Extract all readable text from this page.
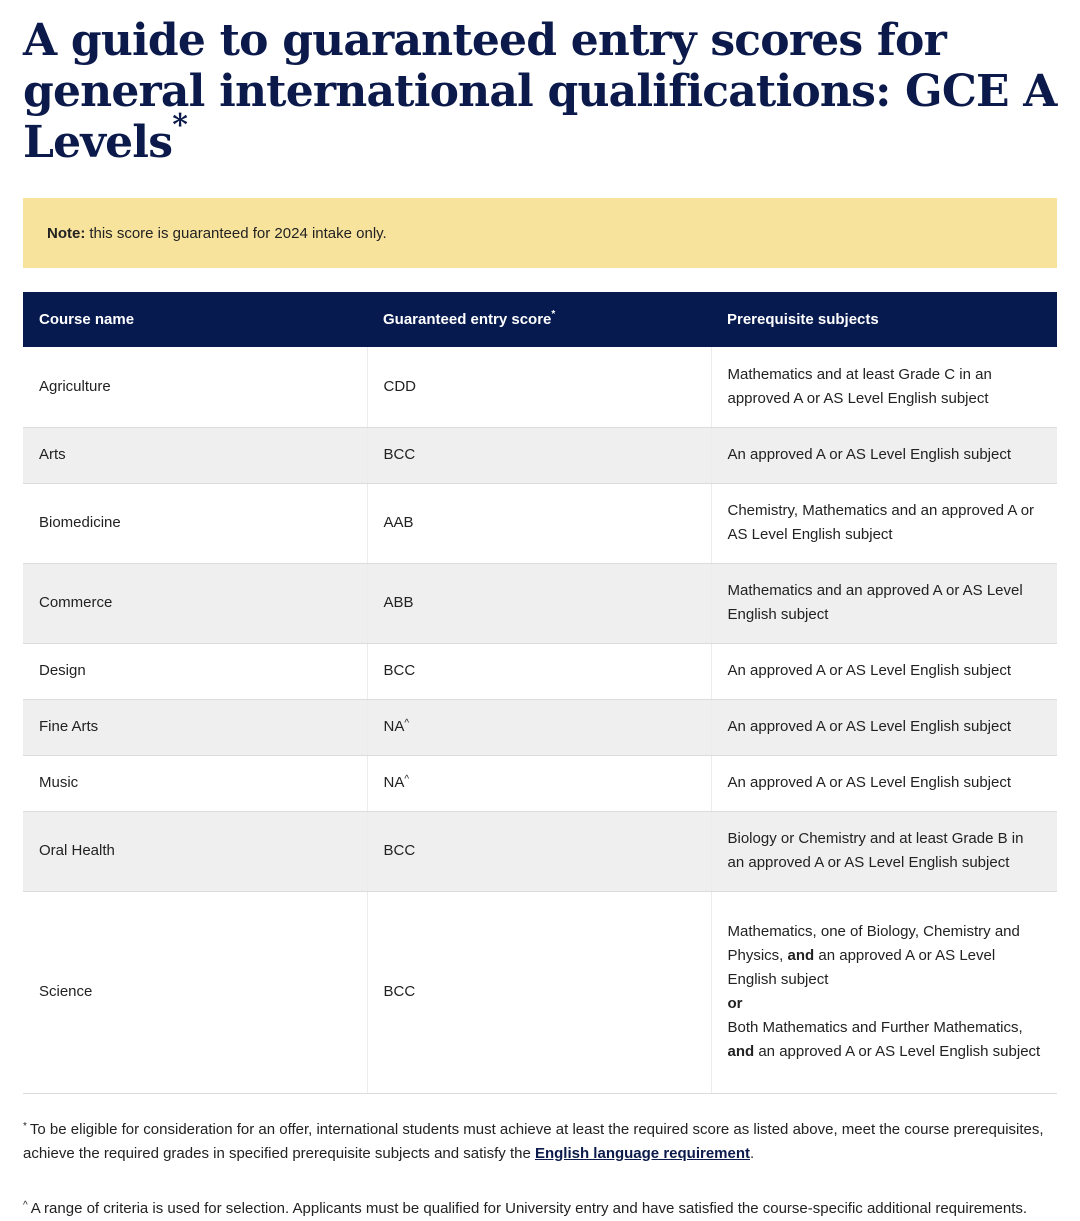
A guide to guaranteed entry scores for general international qualifications: GCE A Levels*
Note: this score is guaranteed for 2024 intake only.
Course name	Guaranteed entry score*	Prerequisite subjects
Agriculture	CDD	Mathematics and at least Grade C in an approved A or AS Level English subject
Arts	BCC	An approved A or AS Level English subject
Biomedicine	AAB	Chemistry, Mathematics and an approved A or AS Level English subject
Commerce	ABB	Mathematics and an approved A or AS Level English subject
Design	BCC	An approved A or AS Level English subject
Fine Arts	NA^	An approved A or AS Level English subject
Music	NA^	An approved A or AS Level English subject
Oral Health	BCC	Biology or Chemistry and at least Grade B in an approved A or AS Level English subject
Science	BCC	Mathematics, one of Biology, Chemistry and Physics, and an approved A or AS Level English subject
or
Both Mathematics and Further Mathematics, and an approved A or AS Level English subject

* To be eligible for consideration for an offer, international students must achieve at least the required score as listed above, meet the course prerequisites, achieve the required grades in specified prerequisite subjects and satisfy the English language requirement.

^ A range of criteria is used for selection. Applicants must be qualified for University entry and have satisfied the course-specific additional requirements.
